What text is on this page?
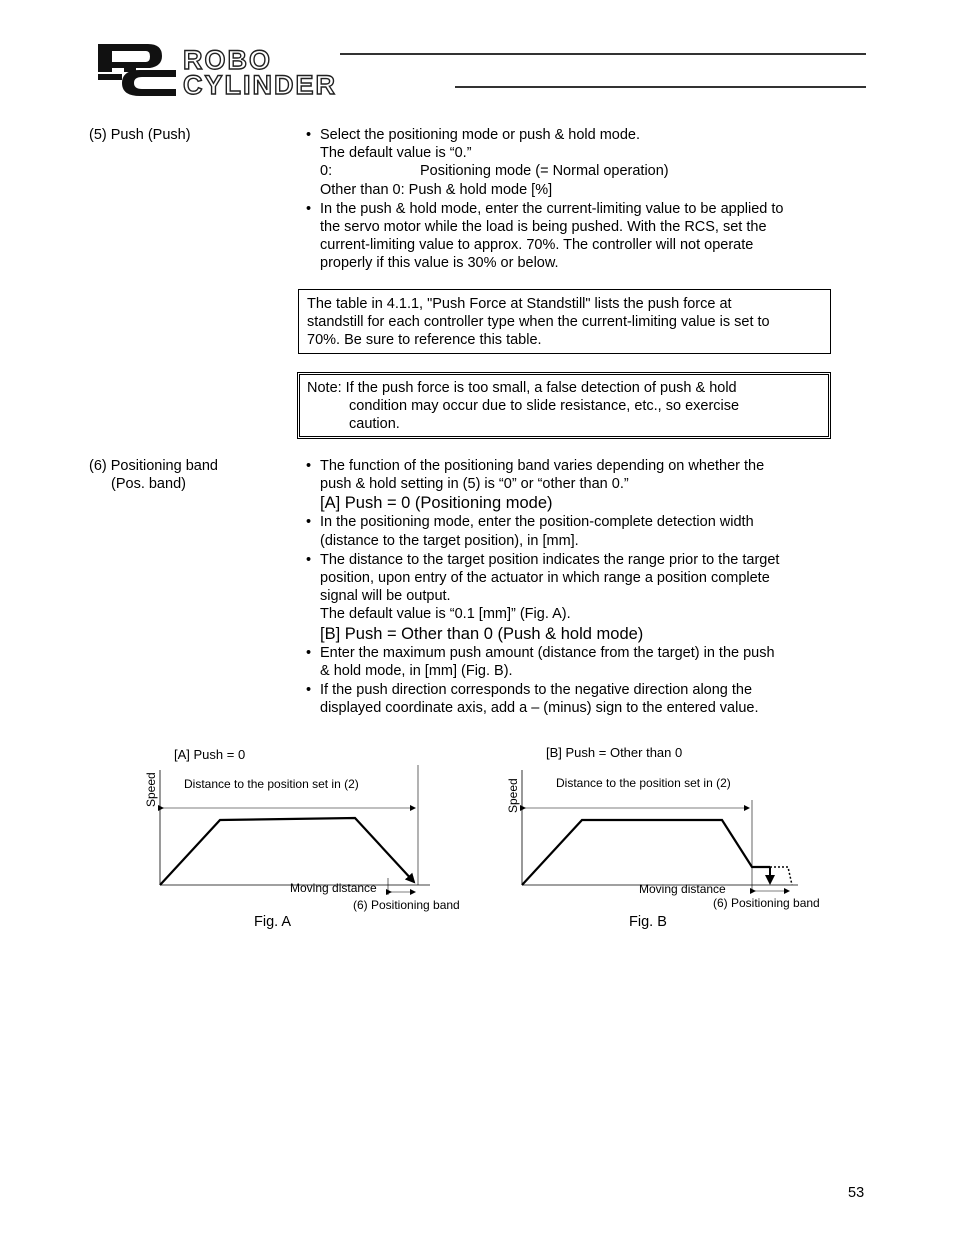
ROBO
CYLINDER
(5) Push (Push)	• Select the positioning mode or push & hold mode.
The default value is “0.”
0:	Positioning mode (= Normal operation)
Other than 0: Push & hold mode [%]
• In the push & hold mode, enter the current-limiting value to be applied to
the servo motor while the load is being pushed. With the RCS, set the
current-limiting value to approx. 70%. The controller will not operate
properly if this value is 30% or below.
The table in 4.1.1, "Push Force at Standstill" lists the push force at
standstill for each controller type when the current-limiting value is set to
70%. Be sure to reference this table.
Note: If the push force is too small, a false detection of push & hold
condition may occur due to slide resistance, etc., so exercise
caution.
(6) Positioning band
(Pos. band)
• The function of the positioning band varies depending on whether the
push & hold setting in (5) is “0” or “other than 0.”
[A] Push = 0 (Positioning mode)
• In the positioning mode, enter the position-complete detection width
(distance to the target position), in [mm].
• The distance to the target position indicates the range prior to the target
position, upon entry of the actuator in which range a position complete
signal will be output.
The default value is “0.1 [mm]” (Fig. A).
[B] Push = Other than 0 (Push & hold mode)
• Enter the maximum push amount (distance from the target) in the push
& hold mode, in [mm] (Fig. B).
• If the push direction corresponds to the negative direction along the
displayed coordinate axis, add a – (minus) sign to the entered value.
[A] Push = 0
Speed Distance to the position set in (2)
Moving distance
(6) Positioning band
Fig. A
[B] Push = Other than 0
Speed	Distance to the position set in (2)
Moving distance
(6) Positioning band
Fig. B
53
